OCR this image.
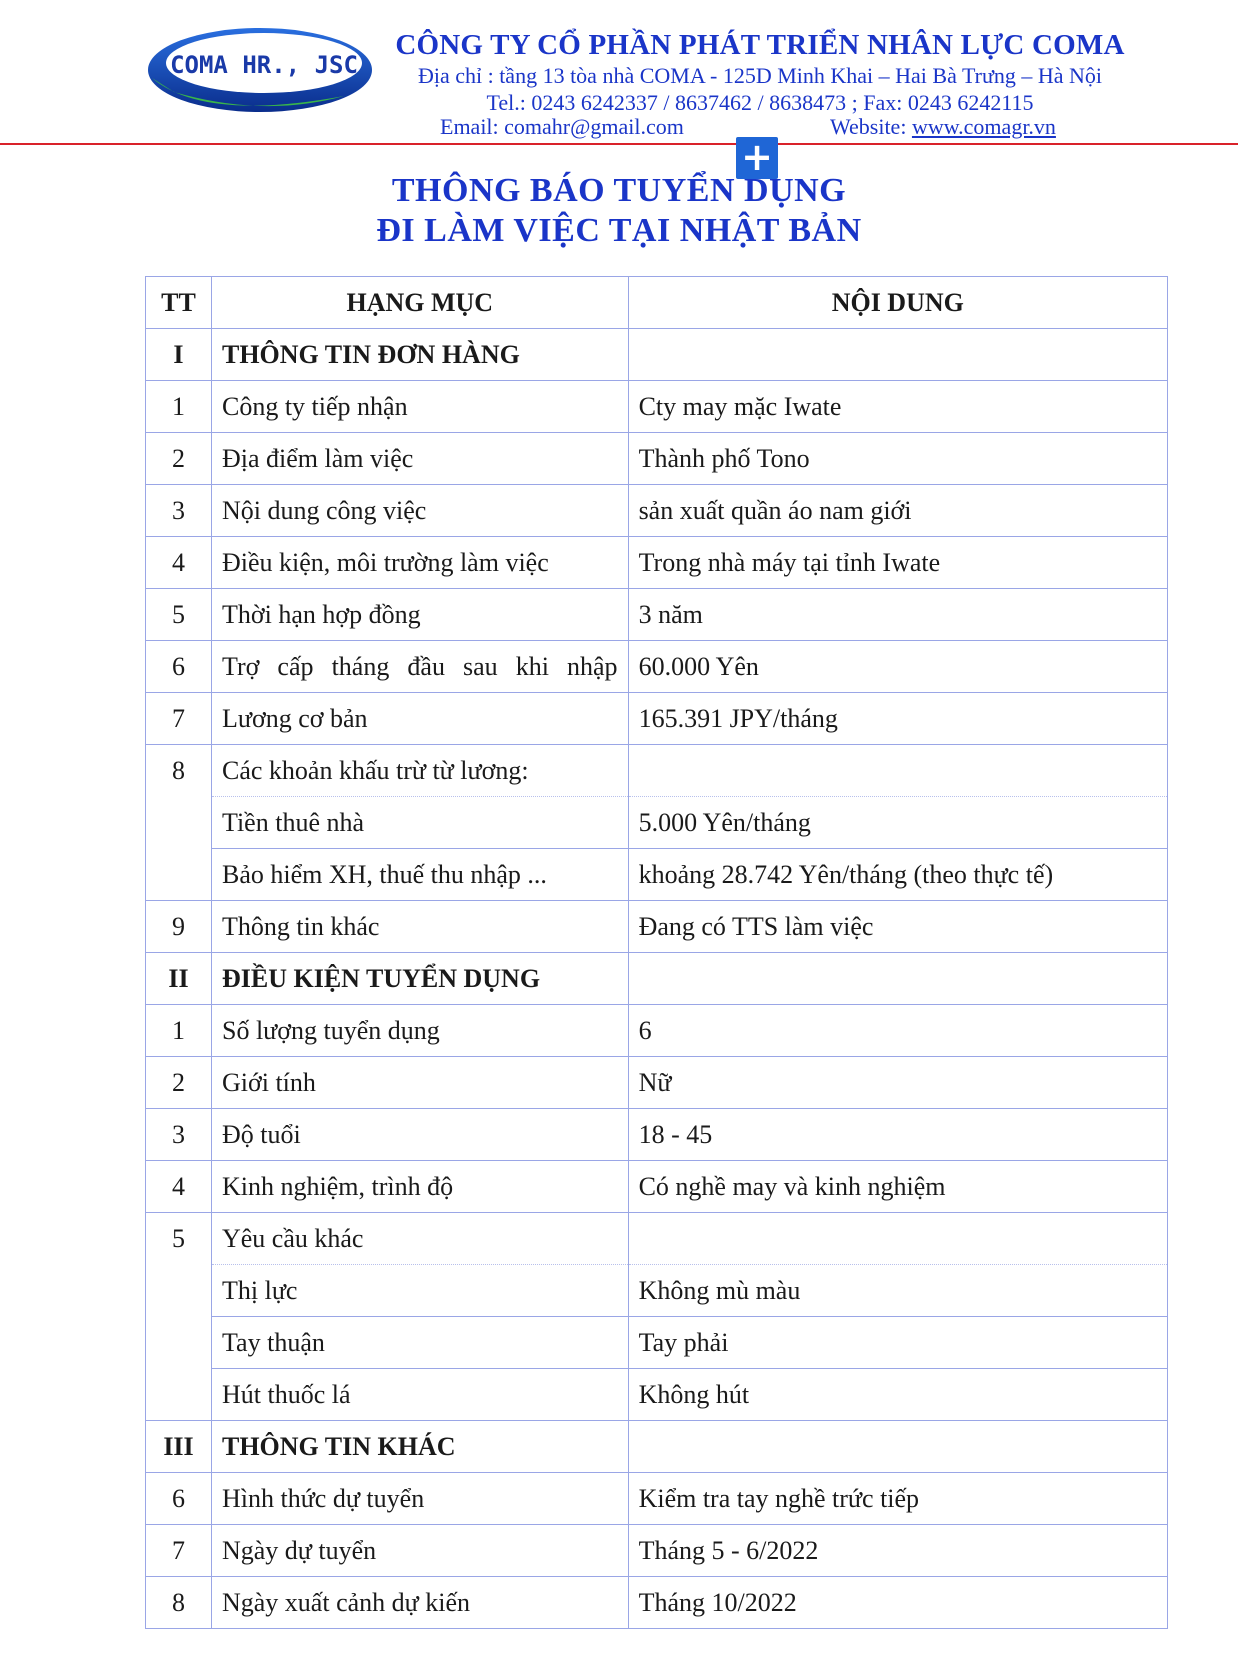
COMA HR., JSC
CÔNG TY CỔ PHẦN PHÁT TRIỂN NHÂN LỰC COMA
Địa chỉ : tầng 13 tòa nhà COMA - 125D Minh Khai – Hai Bà Trưng – Hà Nội
Tel.: 0243 6242337 / 8637462 / 8638473 ; Fax: 0243 6242115
Email: comahr@gmail.com	Website: www.comagr.vn
+
THÔNG BÁO TUYỂN DỤNG
ĐI LÀM VIỆC TẠI NHẬT BẢN
TT	HẠNG MỤC	NỘI DUNG
I	THÔNG TIN ĐƠN HÀNG	
1	Công ty tiếp nhận	Cty may mặc Iwate
2	Địa điểm làm việc	Thành phố Tono
3	Nội dung công việc	sản xuất quần áo nam giới
4	Điều kiện, môi trường làm việc	Trong nhà máy tại tỉnh Iwate
5	Thời hạn hợp đồng	3 năm
6	Trợ cấp tháng đầu sau khi nhập	60.000 Yên
7	Lương cơ bản	165.391 JPY/tháng
8	Các khoản khấu trừ từ lương:	
	Tiền thuê nhà	5.000 Yên/tháng
	Bảo hiểm XH, thuế thu nhập ...	khoảng 28.742 Yên/tháng (theo thực tế)
9	Thông tin khác	Đang có TTS làm việc
II	ĐIỀU KIỆN TUYỂN DỤNG	
1	Số lượng tuyển dụng	6
2	Giới tính	Nữ
3	Độ tuổi	18 - 45
4	Kinh nghiệm, trình độ	Có nghề may và kinh nghiệm
5	Yêu cầu khác	
	Thị lực	Không mù màu
	Tay thuận	Tay phải
	Hút thuốc lá	Không hút
III	THÔNG TIN KHÁC	
6	Hình thức dự tuyển	Kiểm tra tay nghề trức tiếp
7	Ngày dự tuyển	Tháng 5 - 6/2022
8	Ngày xuất cảnh dự kiến	Tháng 10/2022
